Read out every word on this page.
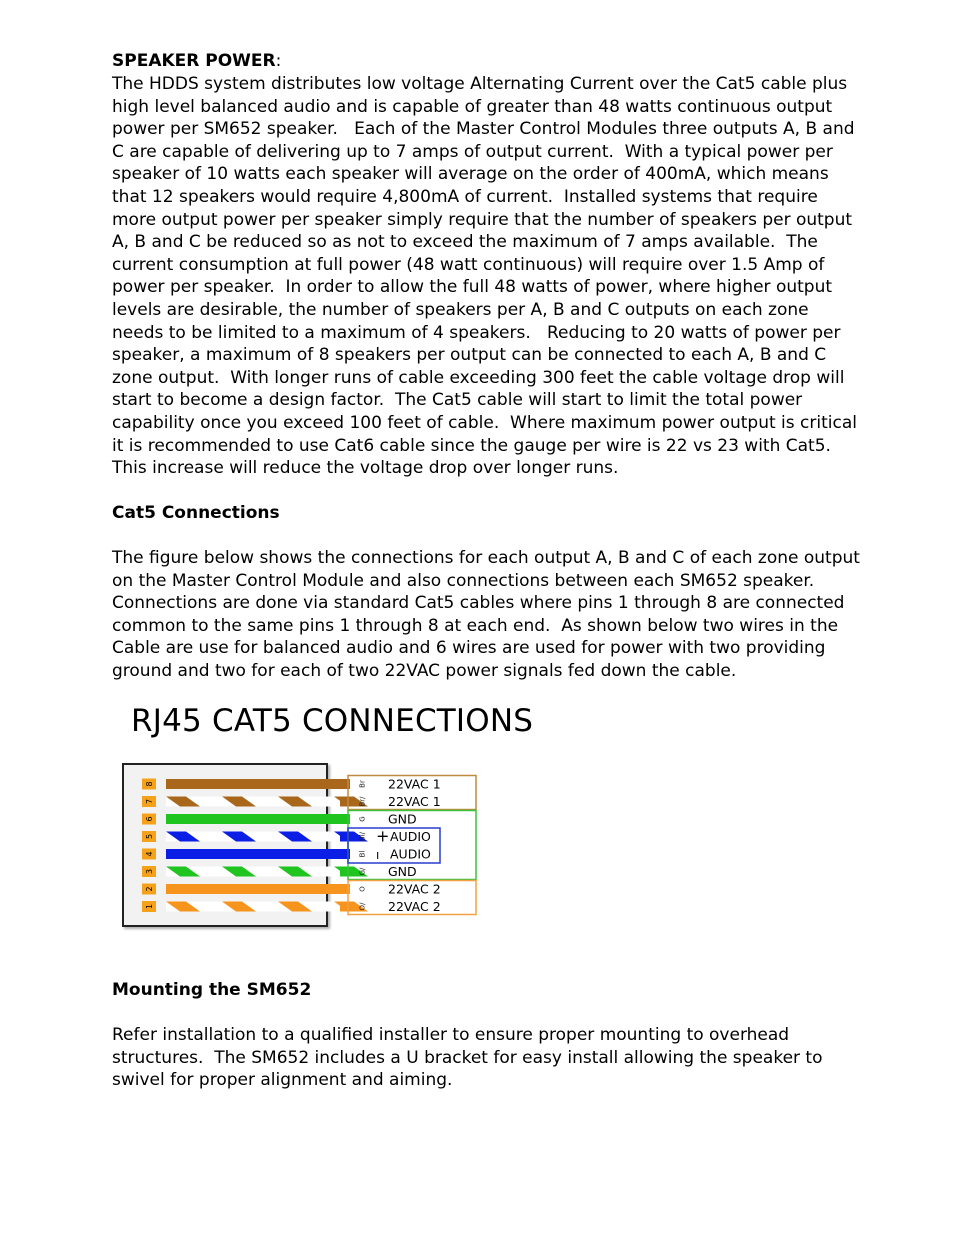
SPEAKER POWER:

The HDDS system distributes low voltage Alternating Current over the Cat5 cable plus
high level balanced audio and is capable of greater than 48 watts continuous output
power per SM652 speaker.   Each of the Master Control Modules three outputs A, B and
C are capable of delivering up to 7 amps of output current.  With a typical power per
speaker of 10 watts each speaker will average on the order of 400mA, which means
that 12 speakers would require 4,800mA of current.  Installed systems that require
more output power per speaker simply require that the number of speakers per output
A, B and C be reduced so as not to exceed the maximum of 7 amps available.  The
current consumption at full power (48 watt continuous) will require over 1.5 Amp of
power per speaker.  In order to allow the full 48 watts of power, where higher output
levels are desirable, the number of speakers per A, B and C outputs on each zone
needs to be limited to a maximum of 4 speakers.   Reducing to 20 watts of power per
speaker, a maximum of 8 speakers per output can be connected to each A, B and C
zone output.  With longer runs of cable exceeding 300 feet the cable voltage drop will
start to become a design factor.  The Cat5 cable will start to limit the total power
capability once you exceed 100 feet of cable.  Where maximum power output is critical
it is recommended to use Cat6 cable since the gauge per wire is 22 vs 23 with Cat5.
This increase will reduce the voltage drop over longer runs.

Cat5 Connections

The figure below shows the connections for each output A, B and C of each zone output
on the Master Control Module and also connections between each SM652 speaker.
Connections are done via standard Cat5 cables where pins 1 through 8 are connected
common to the same pins 1 through 8 at each end.  As shown below two wires in the
Cable are use for balanced audio and 6 wires are used for power with two providing
ground and two for each of two 22VAC power signals fed down the cable.
RJ45 CAT5 CONNECTIONS
8
7
6
5
4
3
2
1
Br 22VAC 1
Br/ 22VAC 1
G GND
Bl/ + AUDIO
Bl ı AUDIO
G/ GND
O 22VAC 2
O/ 22VAC 2

Mounting the SM652

Refer installation to a qualified installer to ensure proper mounting to overhead
structures.  The SM652 includes a U bracket for easy install allowing the speaker to
swivel for proper alignment and aiming.
